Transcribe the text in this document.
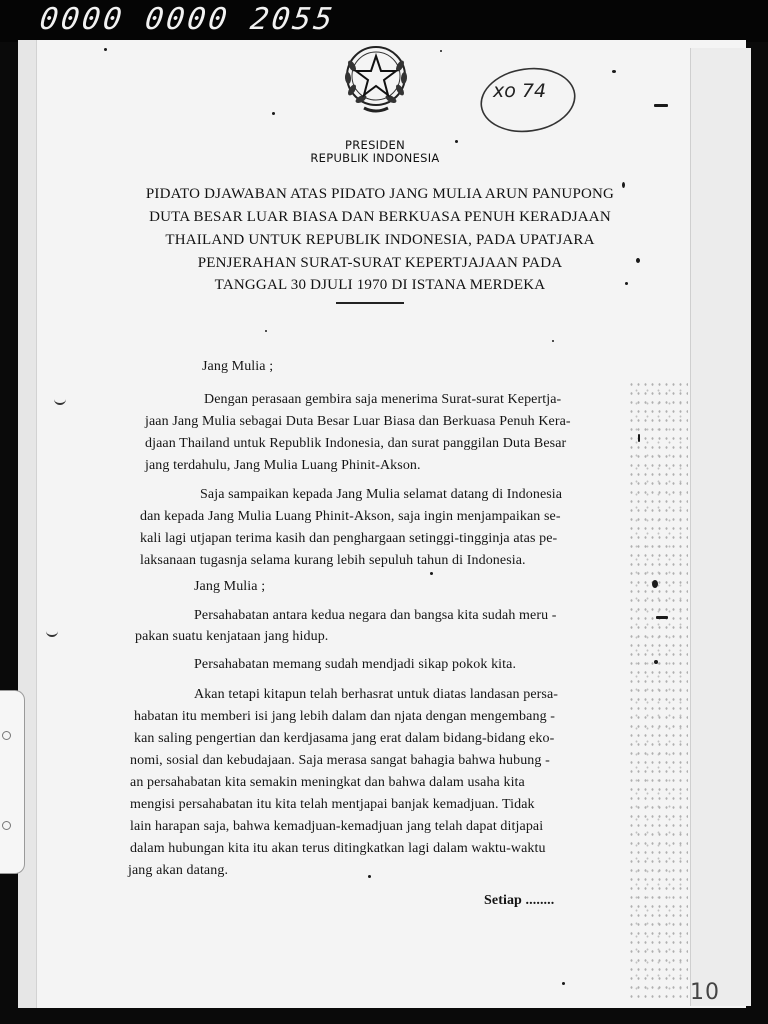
0000 0000 2055
xo 74
PRESIDEN
REPUBLIK INDONESIA
PIDATO DJAWABAN ATAS PIDATO JANG MULIA ARUN PANUPONG
DUTA BESAR LUAR BIASA DAN BERKUASA PENUH KERADJAAN
THAILAND UNTUK REPUBLIK INDONESIA, PADA UPATJARA
PENJERAHAN SURAT-SURAT KEPERTJAJAAN PADA
TANGGAL 30 DJULI 1970 DI ISTANA MERDEKA
Jang Mulia ;
Dengan perasaan gembira saja menerima Surat-surat Kepertja-
jaan Jang Mulia sebagai Duta Besar Luar Biasa dan Berkuasa Penuh Kera-
djaan Thailand untuk Republik Indonesia, dan surat panggilan Duta Besar
jang terdahulu, Jang Mulia Luang Phinit-Akson.
Saja sampaikan kepada Jang Mulia selamat datang di Indonesia
dan kepada Jang Mulia Luang Phinit-Akson, saja ingin menjampaikan se-
kali lagi utjapan terima kasih dan penghargaan setinggi-tingginja atas pe-
laksanaan tugasnja selama kurang lebih sepuluh tahun di Indonesia.
Jang Mulia ;
Persahabatan antara kedua negara dan bangsa kita sudah meru -
pakan suatu kenjataan jang hidup.
Persahabatan memang sudah mendjadi sikap pokok kita.
Akan tetapi kitapun telah berhasrat untuk diatas landasan persa-
habatan itu memberi isi jang lebih dalam dan njata dengan mengembang -
kan saling pengertian dan kerdjasama jang erat dalam bidang-bidang eko-
nomi, sosial dan kebudajaan. Saja merasa sangat bahagia bahwa hubung -
an persahabatan kita semakin meningkat dan bahwa dalam usaha kita
mengisi persahabatan itu kita telah mentjapai banjak kemadjuan. Tidak
lain harapan saja, bahwa kemadjuan-kemadjuan jang telah dapat ditjapai
dalam hubungan kita itu akan terus ditingkatkan lagi dalam waktu-waktu
jang akan datang.
Setiap ........
10
